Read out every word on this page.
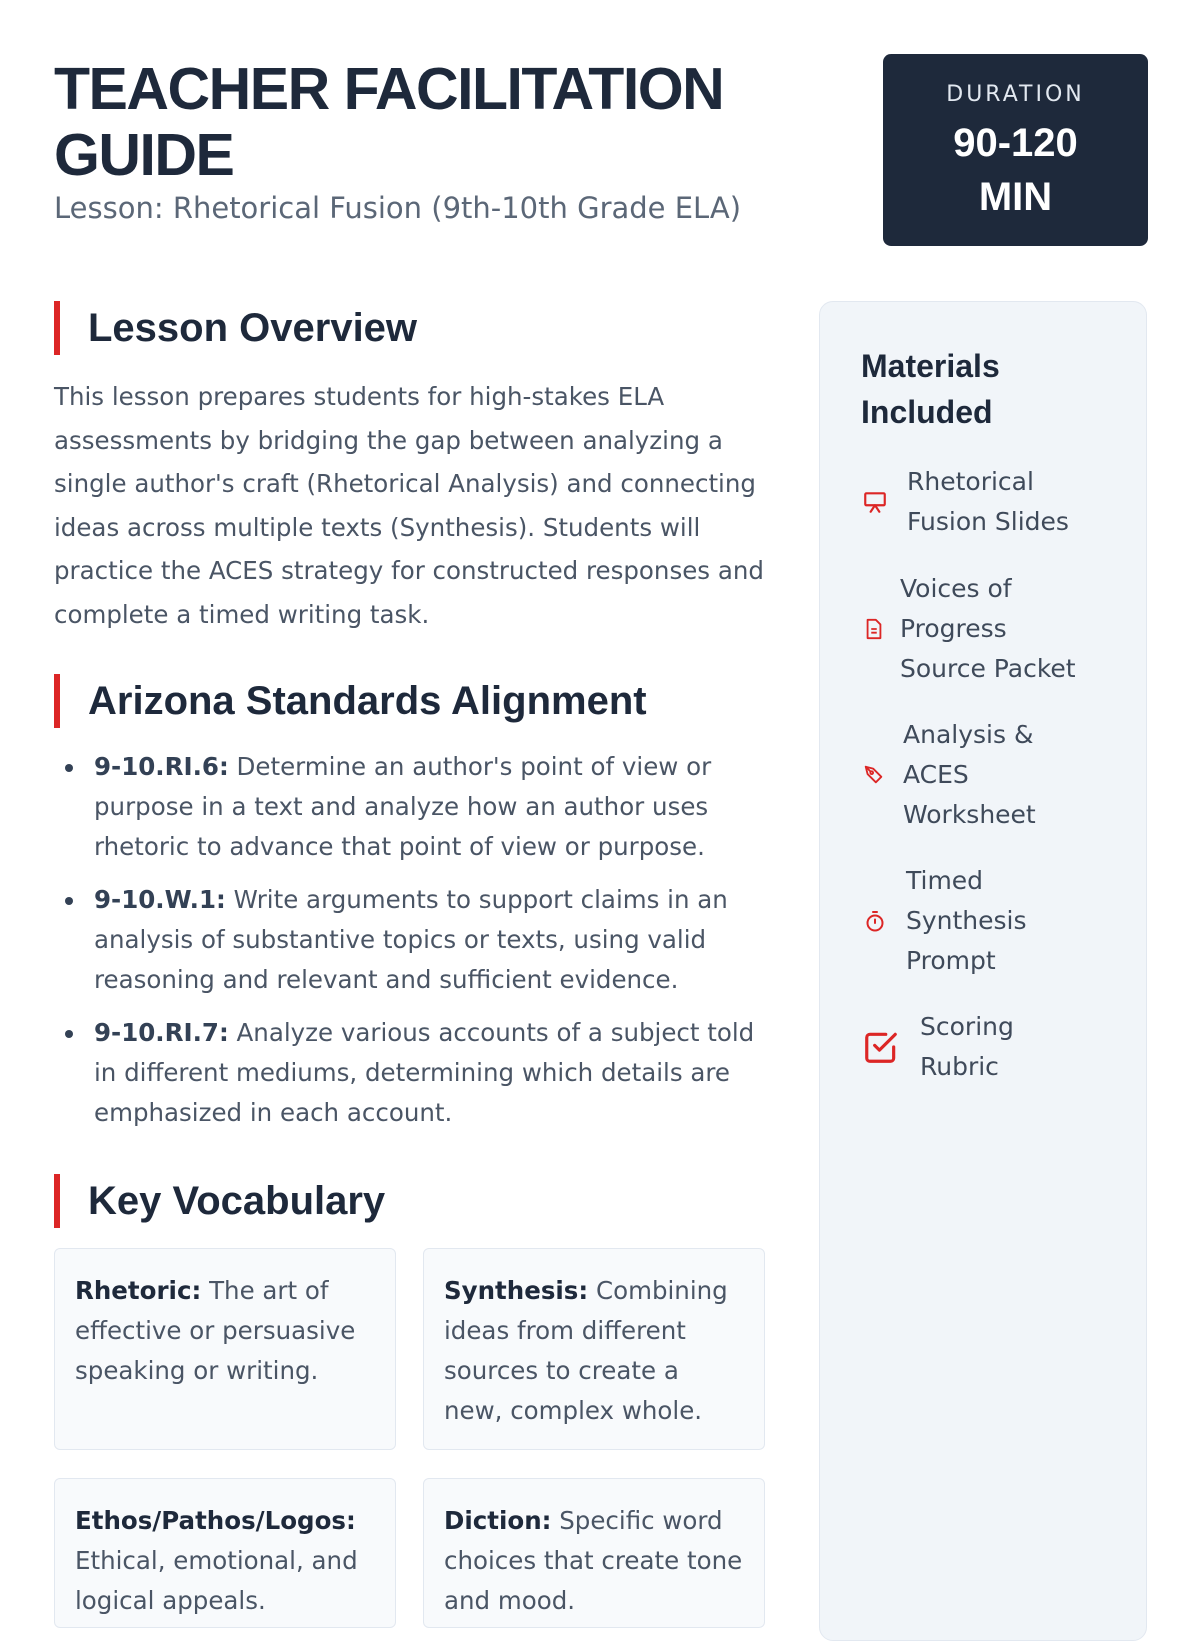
TEACHER FACILITATION GUIDE
Lesson: Rhetorical Fusion (9th-10th Grade ELA)
DURATION
90-120 MIN
Lesson Overview

This lesson prepares students for high-stakes ELA assessments by bridging the gap between analyzing a single author's craft (Rhetorical Analysis) and connecting ideas across multiple texts (Synthesis). Students will practice the ACES strategy for constructed responses and complete a timed writing task.

Arizona Standards Alignment
9-10.RI.6: Determine an author's point of view or purpose in a text and analyze how an author uses rhetoric to advance that point of view or purpose.
9-10.W.1: Write arguments to support claims in an analysis of substantive topics or texts, using valid reasoning and relevant and sufficient evidence.
9-10.RI.7: Analyze various accounts of a subject told in different mediums, determining which details are emphasized in each account.
Key Vocabulary
Rhetoric: The art of effective or persuasive speaking or writing.
Synthesis: Combining ideas from different sources to create a new, complex whole.
Ethos/Pathos/Logos: Ethical, emotional, and logical appeals.
Diction: Specific word choices that create tone and mood.
Materials Included
Rhetorical Fusion Slides
Voices of Progress Source Packet
Analysis & ACES Worksheet
Timed Synthesis Prompt
Scoring Rubric
